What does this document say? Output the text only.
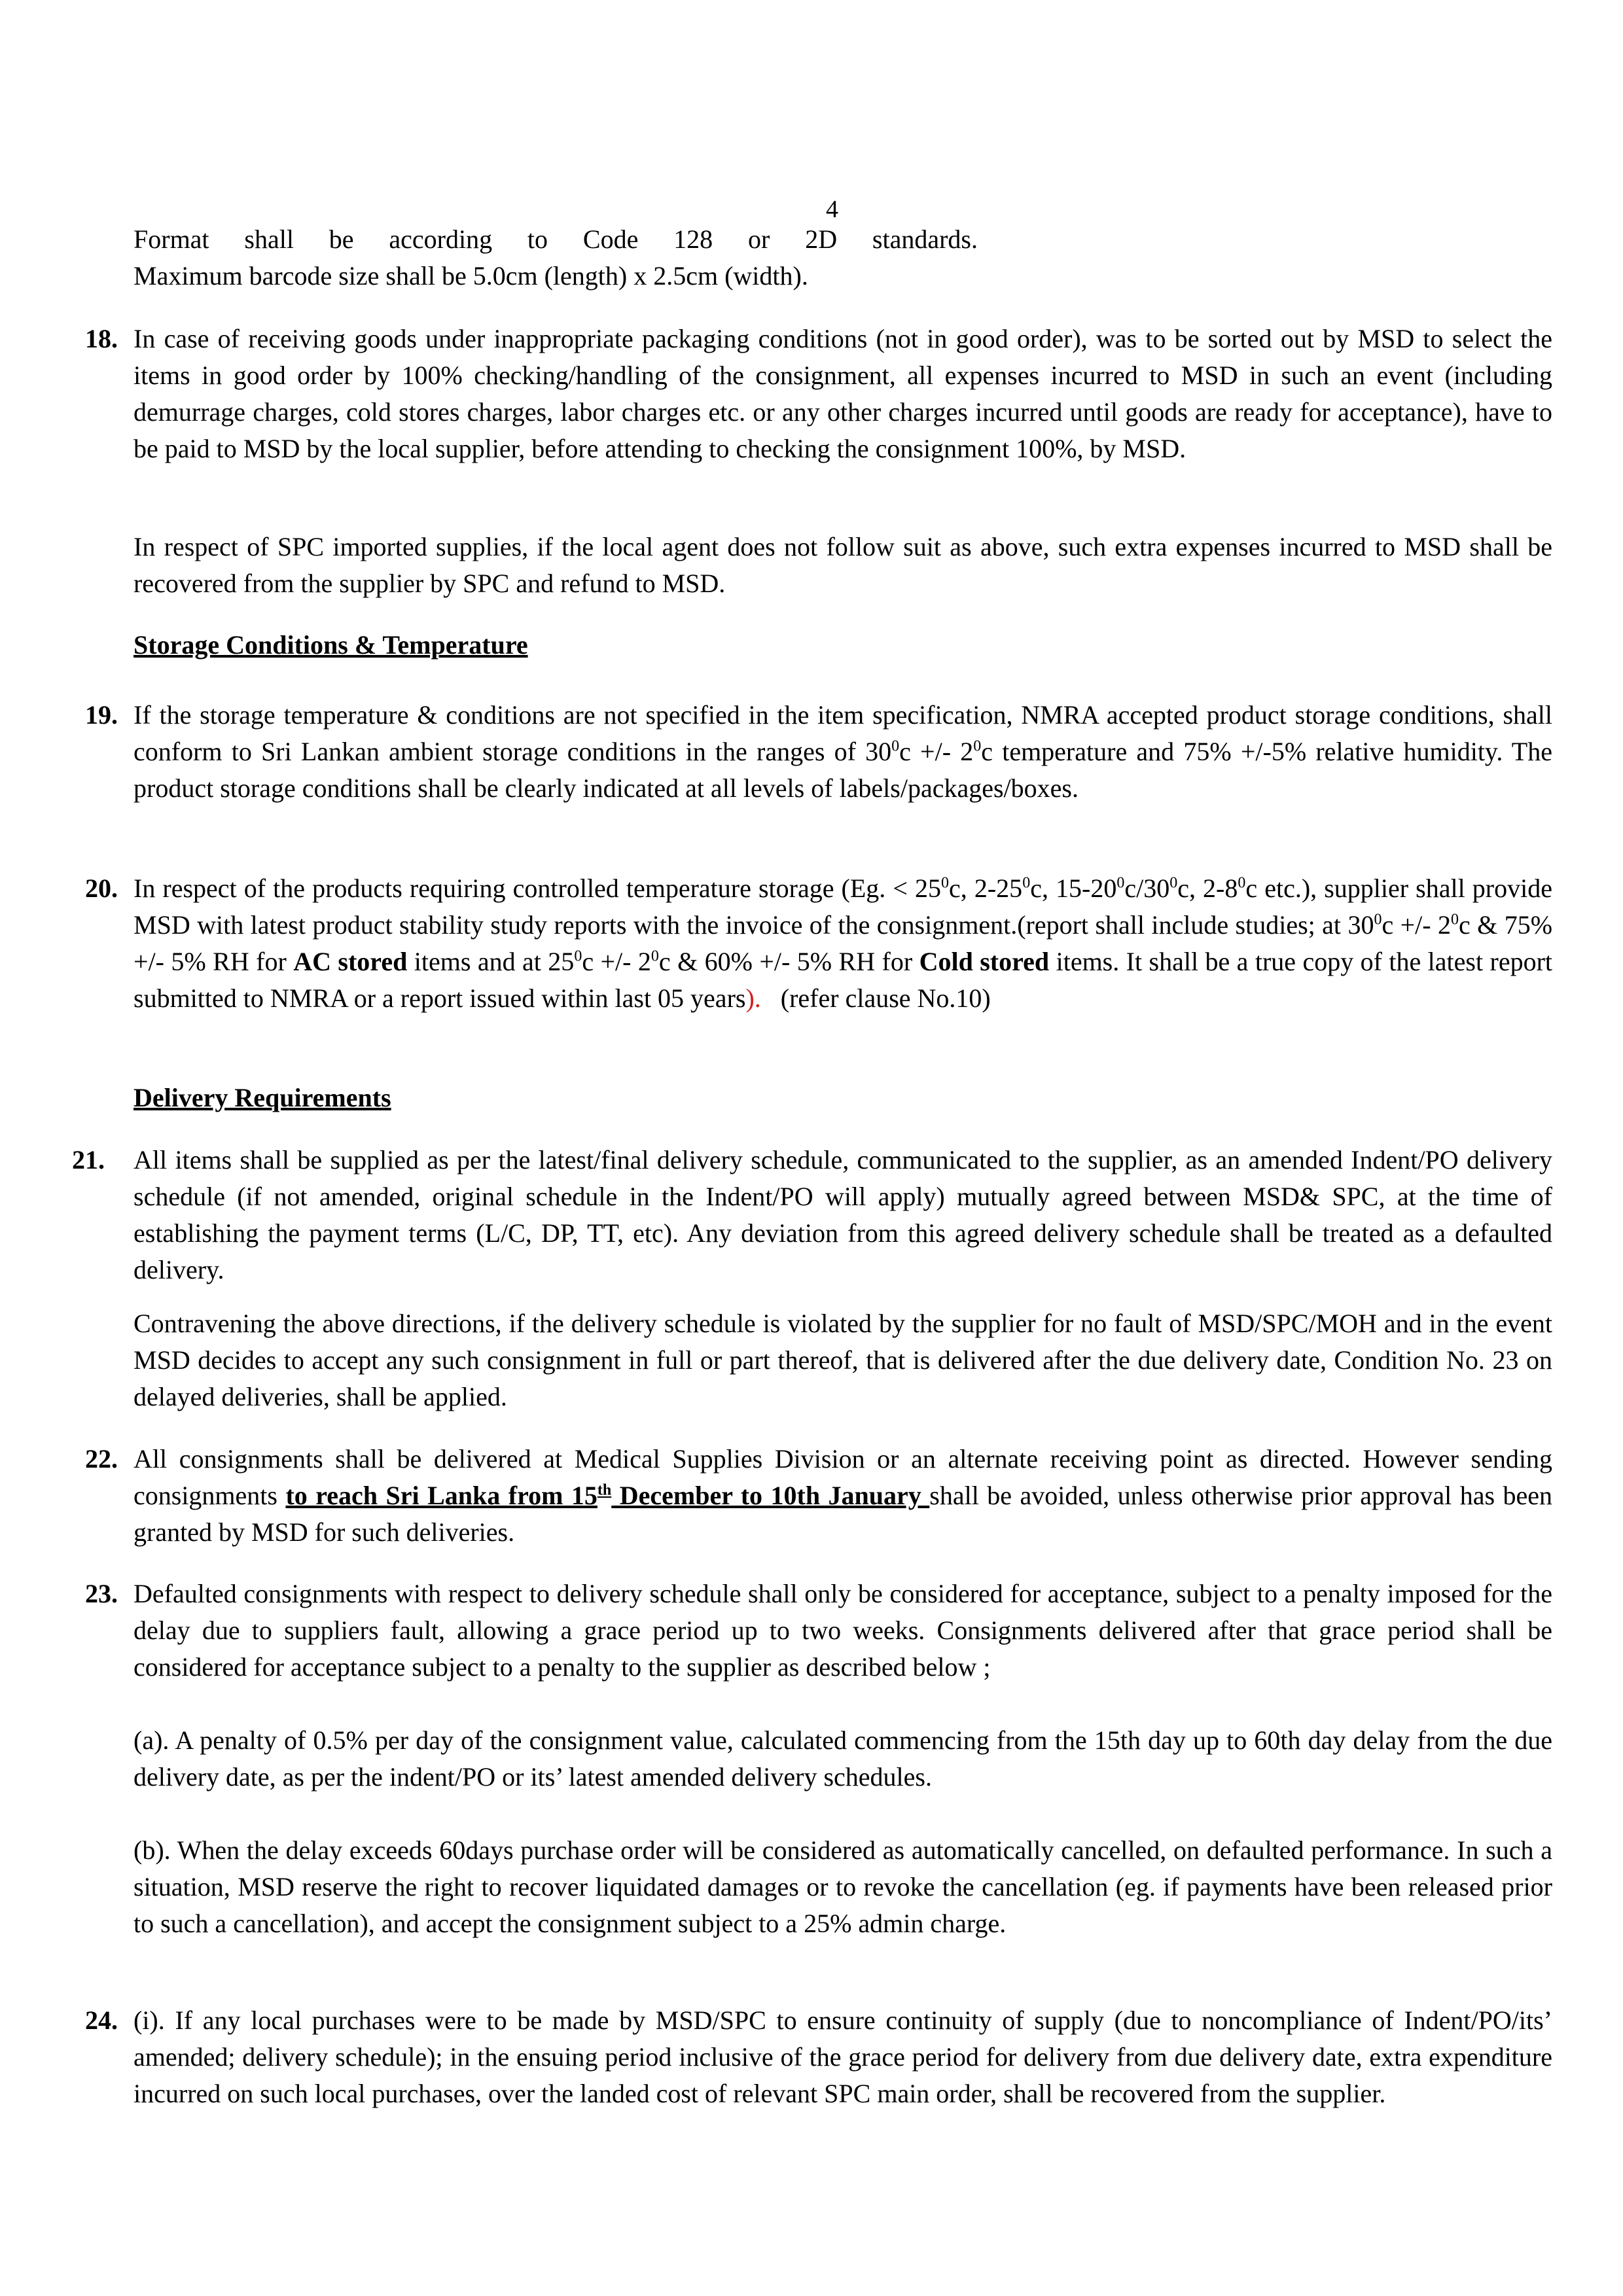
4
Format shall be according to Code 128 or 2D standards.
Maximum barcode size shall be 5.0cm (length) x 2.5cm (width).
18. In case of receiving goods under inappropriate packaging conditions (not in good order), was to be sorted out by MSD to select the items in good order by 100% checking/handling of the consignment, all expenses incurred to MSD in such an event (including demurrage charges, cold stores charges, labor charges etc. or any other charges incurred until goods are ready for acceptance), have to be paid to MSD by the local supplier, before attending to checking the consignment 100%, by MSD.
In respect of SPC imported supplies, if the local agent does not follow suit as above, such extra expenses incurred to MSD shall be recovered from the supplier by SPC and refund to MSD.
Storage Conditions & Temperature
19. If the storage temperature & conditions are not specified in the item specification, NMRA accepted product storage conditions, shall conform to Sri Lankan ambient storage conditions in the ranges of $30^0c$ +/- $2^0c$ temperature and 75% +/-5% relative humidity. The product storage conditions shall be clearly indicated at all levels of labels/packages/boxes.
20. In respect of the products requiring controlled temperature storage (Eg. < $25^0c$, $2-25^0c$, $15-20^0c/30^0c$, $2-8^0c$ etc.), supplier shall provide MSD with latest product stability study reports with the invoice of the consignment.(report shall include studies; at $30^0c$ +/- $2^0c$ & 75% +/- 5% RH for AC stored items and at $25^0c$ +/- $2^0c$ & 60% +/- 5% RH for Cold stored items. It shall be a true copy of the latest report submitted to NMRA or a report issued within last 05 years).   (refer clause No.10)
Delivery Requirements
21. All items shall be supplied as per the latest/final delivery schedule, communicated to the supplier, as an amended Indent/PO delivery schedule (if not amended, original schedule in the Indent/PO will apply) mutually agreed between MSD& SPC, at the time of establishing the payment terms (L/C, DP, TT, etc). Any deviation from this agreed delivery schedule shall be treated as a defaulted delivery.
Contravening the above directions, if the delivery schedule is violated by the supplier for no fault of MSD/SPC/MOH and in the event MSD decides to accept any such consignment in full or part thereof, that is delivered after the due delivery date, Condition No. 23 on delayed deliveries, shall be applied.
22. All consignments shall be delivered at Medical Supplies Division or an alternate receiving point as directed. However sending consignments to reach Sri Lanka from 15th December to 10th January shall be avoided, unless otherwise prior approval has been granted by MSD for such deliveries.
23. Defaulted consignments with respect to delivery schedule shall only be considered for acceptance, subject to a penalty imposed for the delay due to suppliers fault, allowing a grace period up to two weeks. Consignments delivered after that grace period shall be considered for acceptance subject to a penalty to the supplier as described below ;
(a). A penalty of 0.5% per day of the consignment value, calculated commencing from the 15th day up to 60th day delay from the due delivery date, as per the indent/PO or its’ latest amended delivery schedules.
(b). When the delay exceeds 60days purchase order will be considered as automatically cancelled, on defaulted performance. In such a situation, MSD reserve the right to recover liquidated damages or to revoke the cancellation (eg. if payments have been released prior to such a cancellation), and accept the consignment subject to a 25% admin charge.
24. (i). If any local purchases were to be made by MSD/SPC to ensure continuity of supply (due to noncompliance of Indent/PO/its’ amended; delivery schedule); in the ensuing period inclusive of the grace period for delivery from due delivery date, extra expenditure incurred on such local purchases, over the landed cost of relevant SPC main order, shall be recovered from the supplier.
